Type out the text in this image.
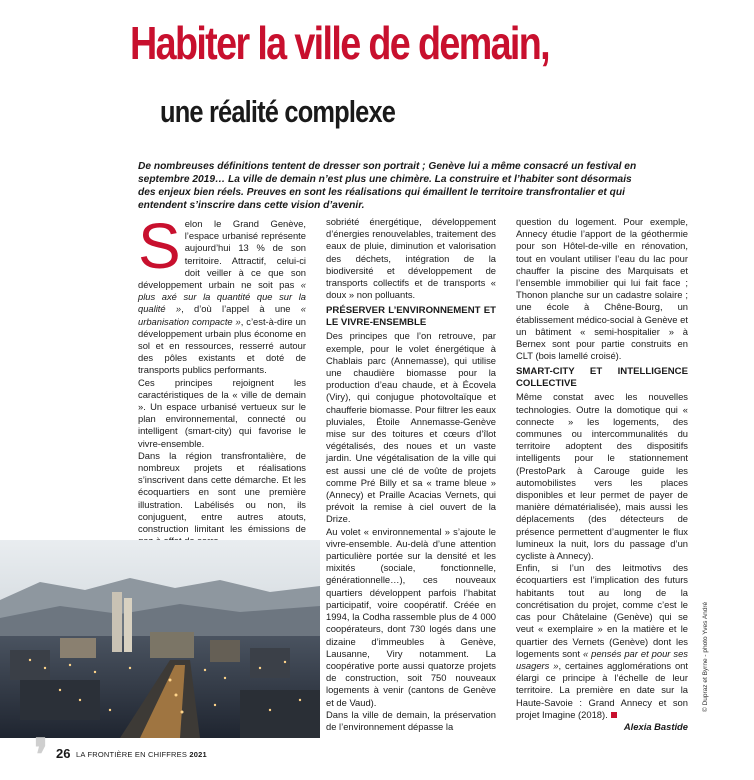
Habiter la ville de demain,
une réalité complexe

De nombreuses définitions tentent de dresser son portrait ; Genève lui a même consacré un festival en septembre 2019… La ville de demain n’est plus une chimère. La construire et l’habiter sont désormais des enjeux bien réels. Preuves en sont les réalisations qui émaillent le territoire transfrontalier et qui entendent s’inscrire dans cette vision d’avenir.

Selon le Grand Genève, l’espace urbanisé représente aujourd’hui 13 % de son territoire. Attractif, celui-ci doit veiller à ce que son développement urbain ne soit pas « plus axé sur la quantité que sur la qualité », d’où l’appel à une « urbanisation compacte », c’est-à-dire un développement urbain plus économe en sol et en ressources, resserré autour des pôles existants et doté de transports publics performants.

Ces principes rejoignent les caractéristiques de la « ville de demain ». Un espace urbanisé vertueux sur le plan environnemental, connecté ou intelligent (smart-city) qui favorise le vivre-ensemble.

Dans la région transfrontalière, de nombreux projets et réalisations s’inscrivent dans cette démarche. Et les écoquartiers en sont une première illustration. Labélisés ou non, ils conjuguent, entre autres atouts, construction limitant les émissions de

sobriété énergétique, développement d’énergies renouvelables, traitement des eaux de pluie, diminution et valorisation des déchets, intégration de la biodiversité et développement de transports collectifs et de transports « doux » non polluants.

PRÉSERVER L’ENVIRONNEMENT ET LE VIVRE-ENSEMBLE

Des principes que l’on retrouve, par exemple, pour le volet énergétique à Chablais parc (Annemasse), qui utilise une chaudière biomasse pour la production d’eau chaude, et à Écovela (Viry), qui conjugue photovoltaïque et chaufferie biomasse. Pour filtrer les eaux pluviales, Étoile Annemasse-Genève mise sur des toitures et cœurs d’îlot végétalisés, des noues et un vaste jardin. Une végétalisation de la ville qui est aussi une clé de voûte de projets comme Pré Billy et sa « trame bleue » (Annecy) et Praille Acacias Vernets, qui prévoit la remise à ciel ouvert de la Drize.

Au volet « environnemental » s’ajoute le vivre-ensemble. Au-delà d’une attention particulière portée sur la densité et les mixités (sociale, fonctionnelle, générationnelle…), ces nouveaux quartiers développent parfois l’habitat participatif, voire coopératif. Créée en 1994, la Codha rassemble plus de 4 000 coopérateurs, dont 730 logés dans une dizaine d’immeubles à Genève, Lausanne, Viry notamment. La coopérative porte aussi quatorze projets de construction, soit 750 nouveaux logements à venir (cantons de Genève et de Vaud).

Dans la ville de demain, la préservation de l’environnement dépasse la

question du logement. Pour exemple, Annecy étudie l’apport de la géothermie pour son Hôtel-de-ville en rénovation, tout en voulant utiliser l’eau du lac pour chauffer la piscine des Marquisats et l’ensemble immobilier qui lui fait face ; Thonon planche sur un cadastre solaire ; une école à Chêne-Bourg, un établissement médico-social à Genève et un bâtiment « semi-hospitalier » à Bernex sont pour partie construits en CLT (bois lamellé croisé).

SMART-CITY ET INTELLIGENCE COLLECTIVE

Même constat avec les nouvelles technologies. Outre la domotique qui « connecte » les logements, des communes ou intercommunalités du territoire adoptent des dispositifs intelligents pour le stationnement (PrestoPark à Carouge guide les automobilistes vers les places disponibles et leur permet de payer de manière dématérialisée), mais aussi les déplacements (des détecteurs de présence permettent d’augmenter le flux lumineux la nuit, lors du passage d’un cycliste à Annecy).

Enfin, si l’un des leitmotivs des écoquartiers est l’implication des futurs habitants tout au long de la concrétisation du projet, comme c’est le cas pour Châtelaine (Genève) qui se veut « exemplaire » en la matière et le quartier des Vernets (Genève) dont les logements sont « pensés par et pour ses usagers », certaines agglomérations ont élargi ce principe à l’échelle de leur territoire. La première en date sur la Haute-Savoie : Grand Annecy et son projet Imagine (2018).

Alexia Bastide

© Dupraz et Byrne - photo Yves André
❜ 26 LA FRONTIÈRE EN CHIFFRES 2021
